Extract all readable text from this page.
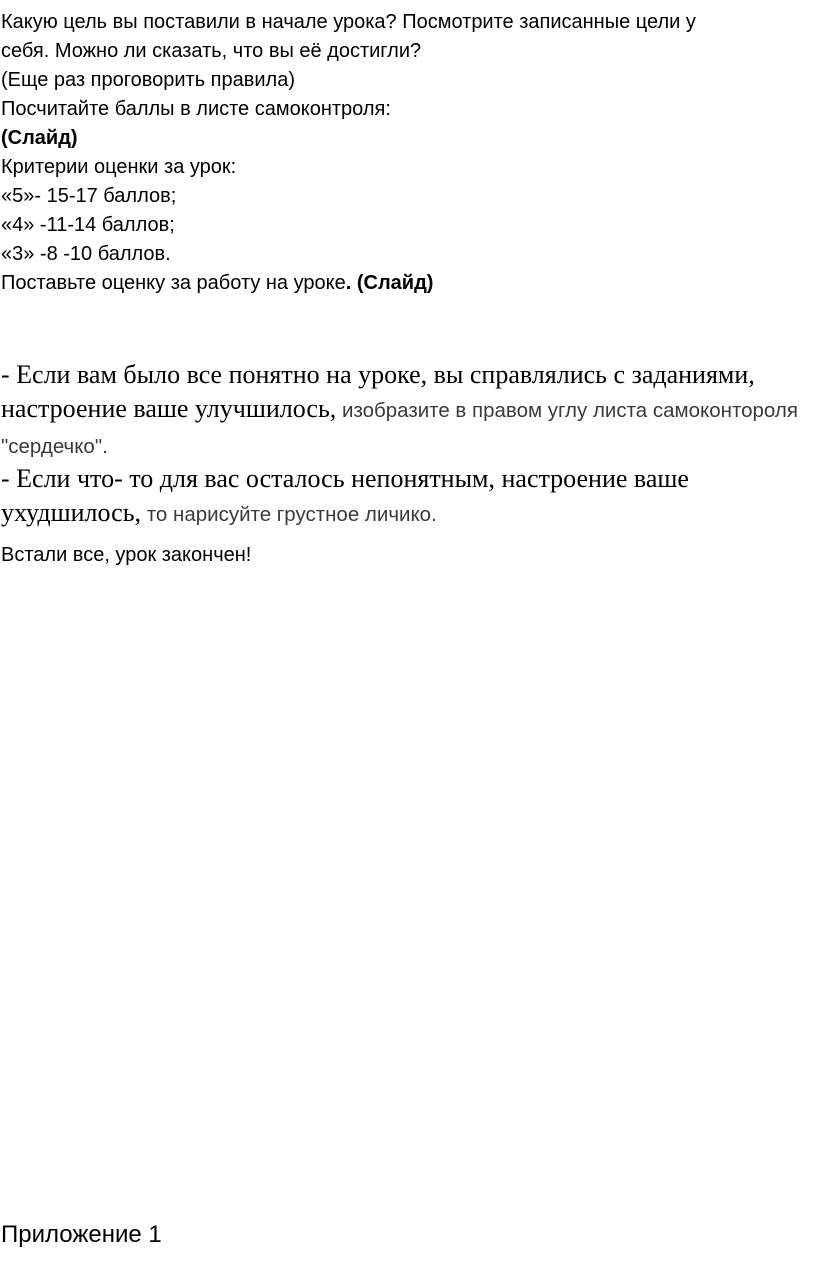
Какую цель вы поставили в начале урока? Посмотрите записанные цели у
себя. Можно ли сказать, что вы её достигли?
(Еще раз проговорить правила)
Посчитайте баллы в листе самоконтроля:
(Слайд)
Критерии оценки за урок:
«5»- 15-17 баллов;
«4» -11-14 баллов;
«3» -8 -10 баллов.
Поставьте оценку за работу на уроке. (Слайд)
- Если вам было все понятно на уроке, вы справлялись с заданиями, настроение ваше улучшилось, изобразите в правом углу листа самоконтороля "сердечко".
- Если что- то для вас осталось непонятным, настроение ваше ухудшилось, то нарисуйте грустное личико.
Встали все, урок закончен!
Приложение 1
